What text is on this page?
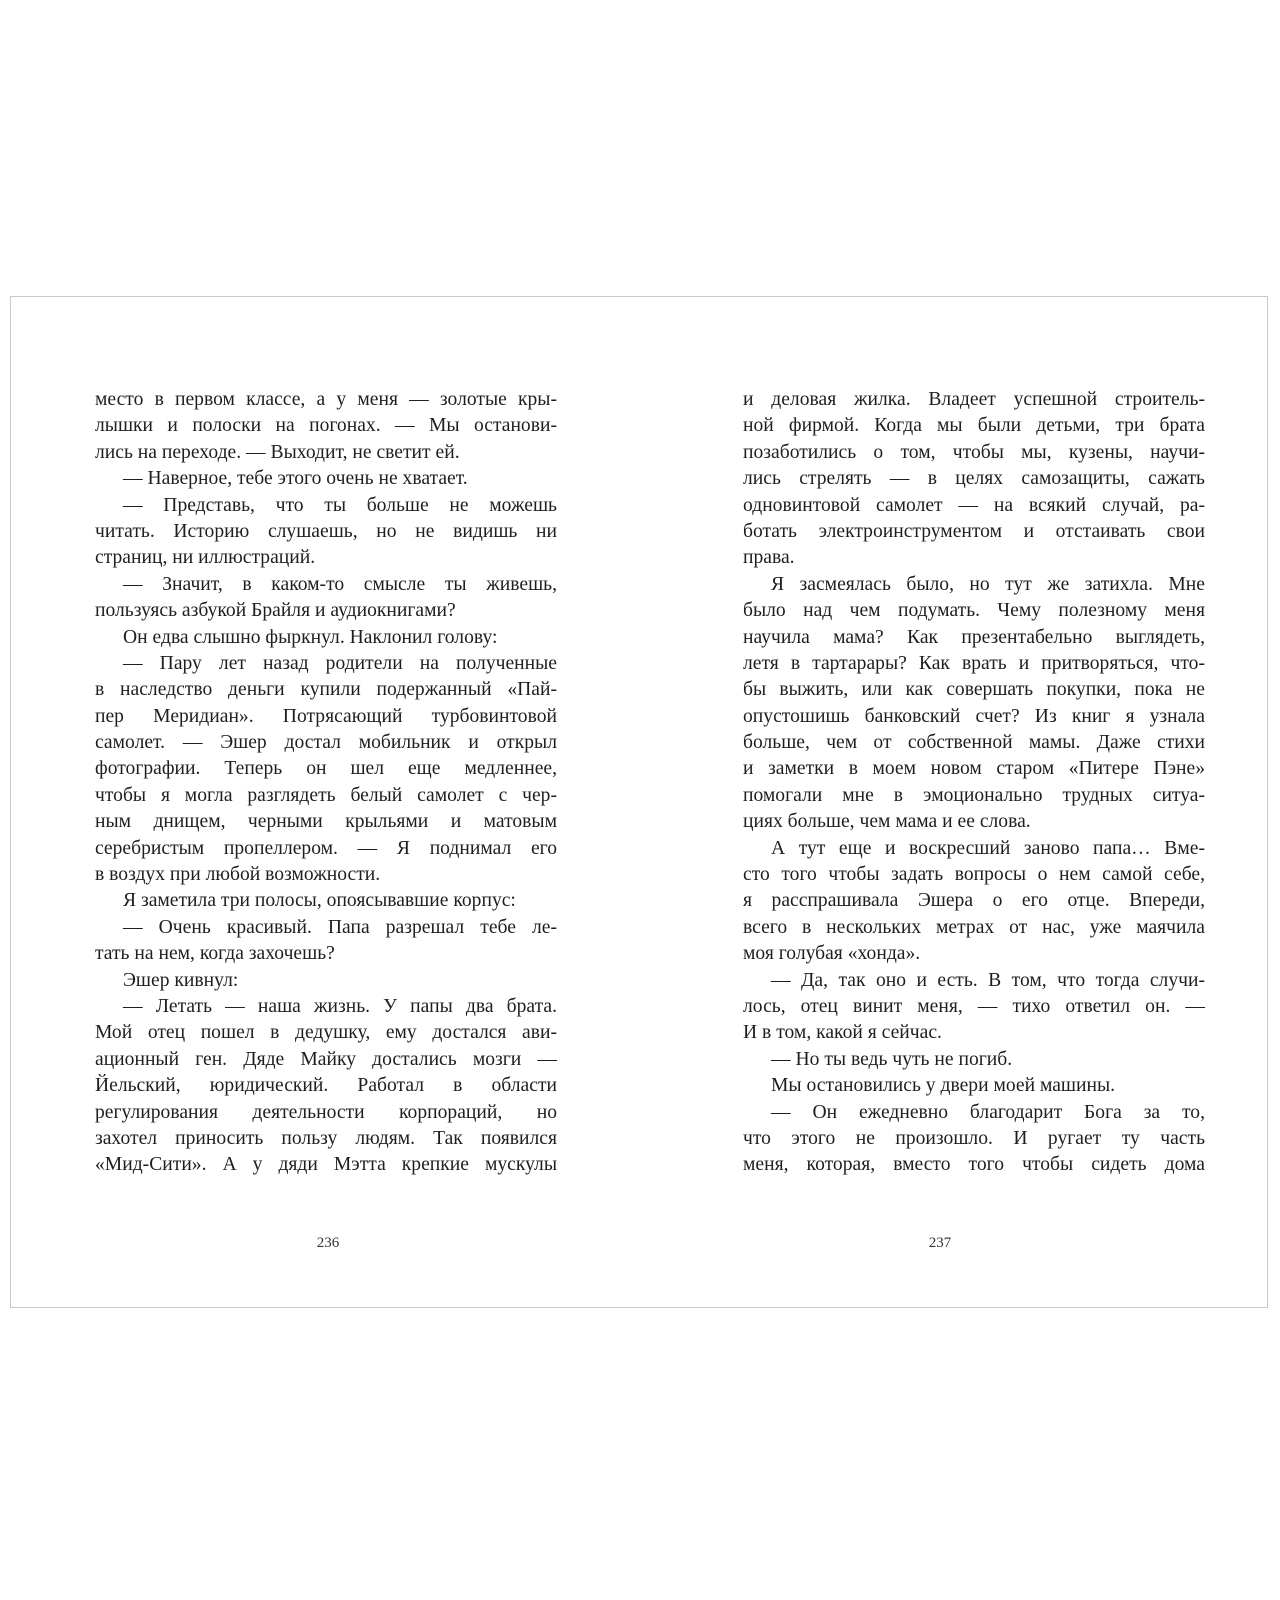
место в первом классе, а у меня — золотые кры-
лышки и полоски на погонах. — Мы останови-
лись на переходе. — Выходит, не светит ей.
— Наверное, тебе этого очень не хватает.
— Представь, что ты больше не можешь
читать. Историю слушаешь, но не видишь ни
страниц, ни иллюстраций.
— Значит, в каком-то смысле ты живешь,
пользуясь азбукой Брайля и аудиокнигами?
Он едва слышно фыркнул. Наклонил голову:
— Пару лет назад родители на полученные
в наследство деньги купили подержанный «Пай-
пер Меридиан». Потрясающий турбовинтовой
самолет. — Эшер достал мобильник и открыл
фотографии. Теперь он шел еще медленнее,
чтобы я могла разглядеть белый самолет с чер-
ным днищем, черными крыльями и матовым
серебристым пропеллером. — Я поднимал его
в воздух при любой возможности.
Я заметила три полосы, опоясывавшие корпус:
— Очень красивый. Папа разрешал тебе ле-
тать на нем, когда захочешь?
Эшер кивнул:
— Летать — наша жизнь. У папы два брата.
Мой отец пошел в дедушку, ему достался ави-
ационный ген. Дяде Майку достались мозги —
Йельский, юридический. Работал в области
регулирования деятельности корпораций, но
захотел приносить пользу людям. Так появился
«Мид-Сити». А у дяди Мэтта крепкие мускулы
236
и деловая жилка. Владеет успешной строитель-
ной фирмой. Когда мы были детьми, три брата
позаботились о том, чтобы мы, кузены, научи-
лись стрелять — в целях самозащиты, сажать
одновинтовой самолет — на всякий случай, ра-
ботать электроинструментом и отстаивать свои
права.
Я засмеялась было, но тут же затихла. Мне
было над чем подумать. Чему полезному меня
научила мама? Как презентабельно выглядеть,
летя в тартарары? Как врать и притворяться, что-
бы выжить, или как совершать покупки, пока не
опустошишь банковский счет? Из книг я узнала
больше, чем от собственной мамы. Даже стихи
и заметки в моем новом старом «Питере Пэне»
помогали мне в эмоционально трудных ситуа-
циях больше, чем мама и ее слова.
А тут еще и воскресший заново папа… Вме-
сто того чтобы задать вопросы о нем самой себе,
я расспрашивала Эшера о его отце. Впереди,
всего в нескольких метрах от нас, уже маячила
моя голубая «хонда».
— Да, так оно и есть. В том, что тогда случи-
лось, отец винит меня, — тихо ответил он. —
И в том, какой я сейчас.
— Но ты ведь чуть не погиб.
Мы остановились у двери моей машины.
— Он ежедневно благодарит Бога за то,
что этого не произошло. И ругает ту часть
меня, которая, вместо того чтобы сидеть дома
237
